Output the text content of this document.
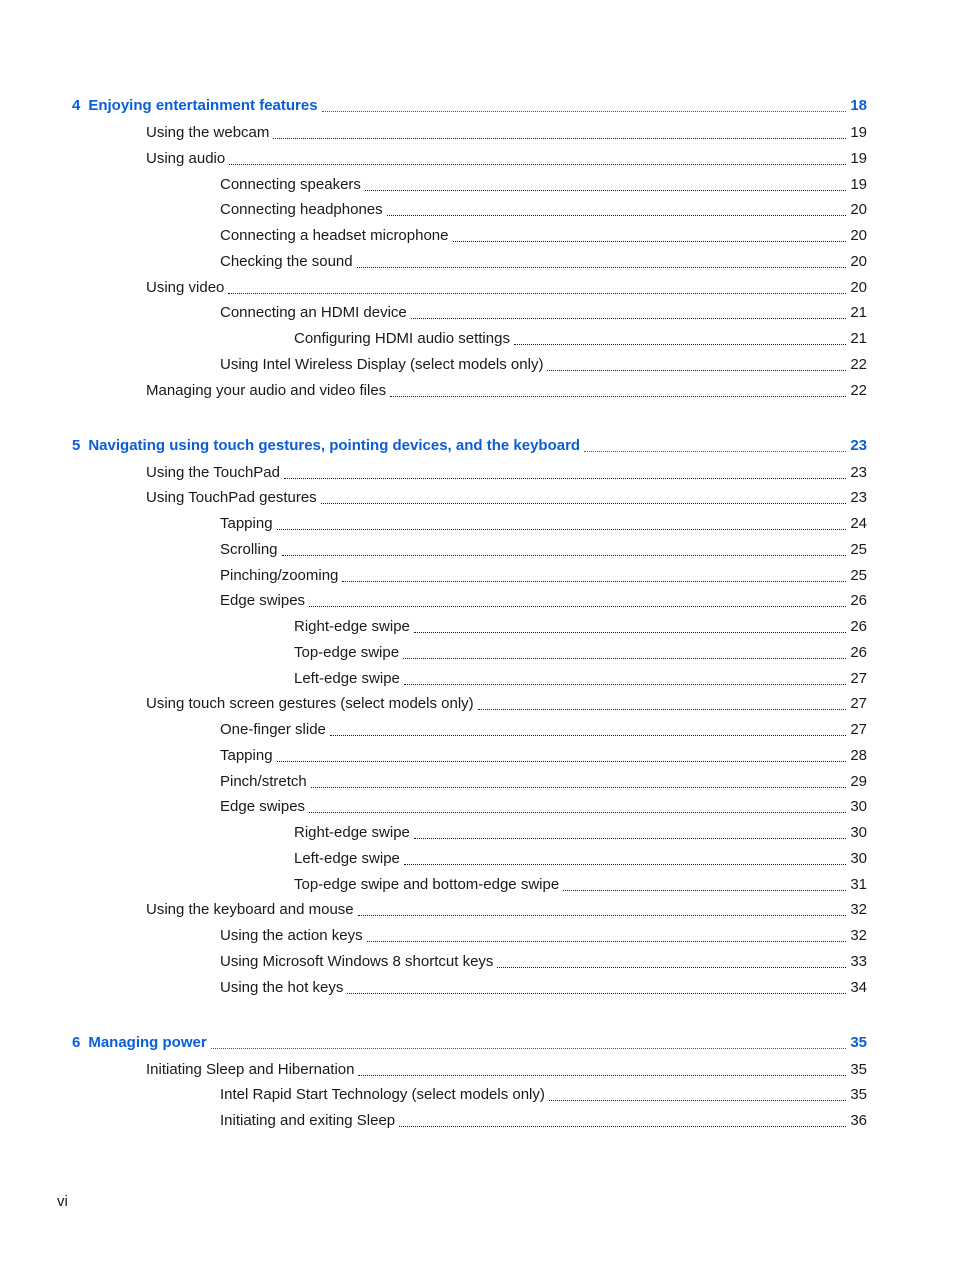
4 Enjoying entertainment features	18
Using the webcam	19
Using audio	19
Connecting speakers	19
Connecting headphones	20
Connecting a headset microphone	20
Checking the sound	20
Using video	20
Connecting an HDMI device	21
Configuring HDMI audio settings	21
Using Intel Wireless Display (select models only)	22
Managing your audio and video files	22
5 Navigating using touch gestures, pointing devices, and the keyboard	23
Using the TouchPad	23
Using TouchPad gestures	23
Tapping	24
Scrolling	25
Pinching/zooming	25
Edge swipes	26
Right-edge swipe	26
Top-edge swipe	26
Left-edge swipe	27
Using touch screen gestures (select models only)	27
One-finger slide	27
Tapping	28
Pinch/stretch	29
Edge swipes	30
Right-edge swipe	30
Left-edge swipe	30
Top-edge swipe and bottom-edge swipe	31
Using the keyboard and mouse	32
Using the action keys	32
Using Microsoft Windows 8 shortcut keys	33
Using the hot keys	34
6 Managing power	35
Initiating Sleep and Hibernation	35
Intel Rapid Start Technology (select models only)	35
Initiating and exiting Sleep	36
vi
